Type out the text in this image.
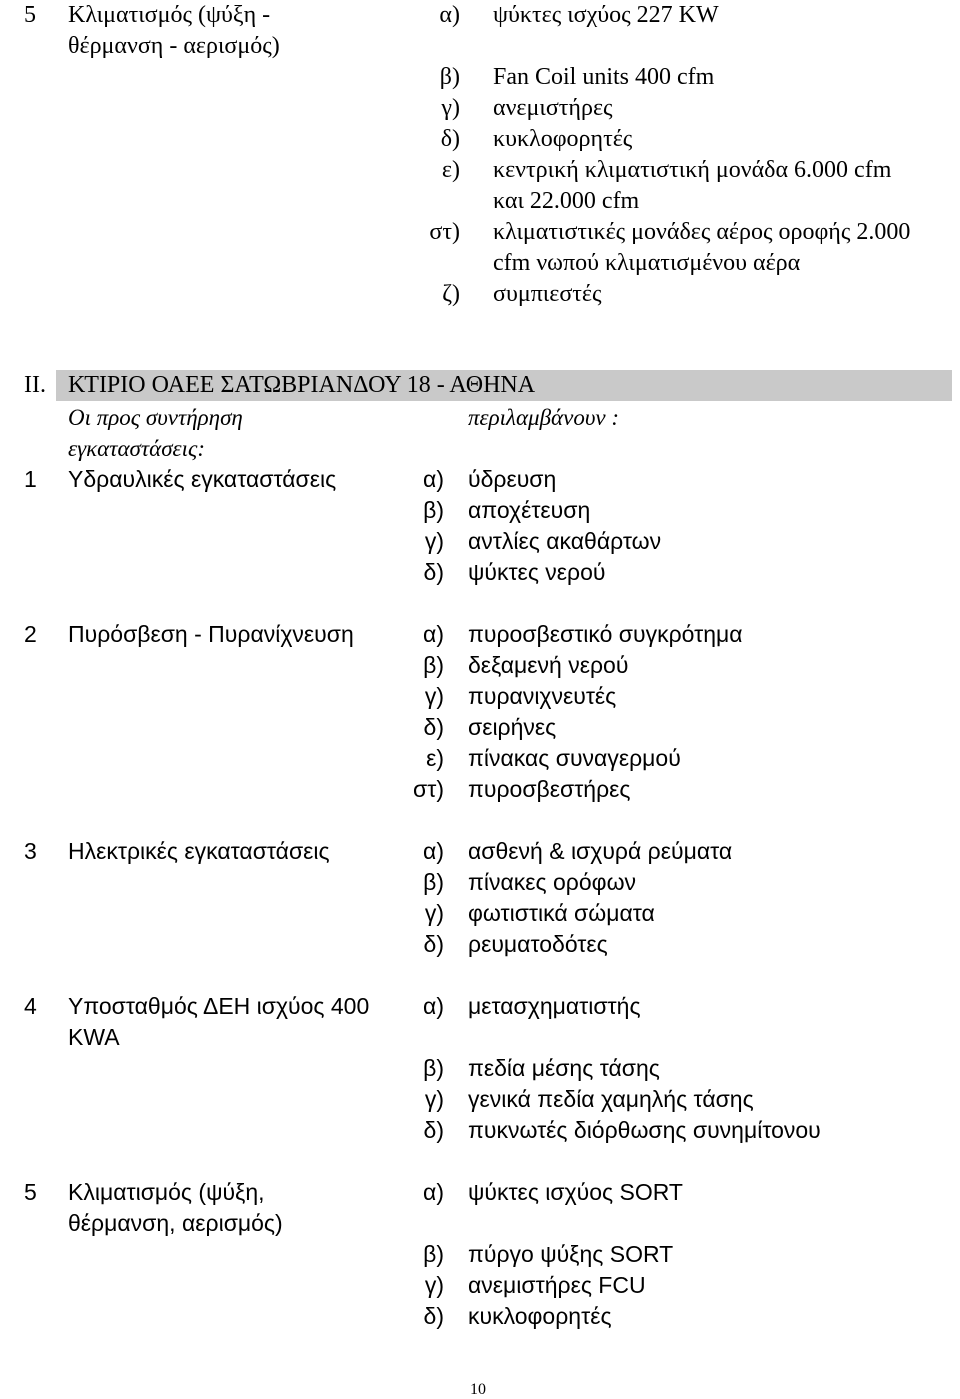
5 Κλιματισμός (ψύξη -	α) ψύκτες ισχύος 227 KW
θέρμανση - αερισμός)
β) Fan Coil units 400 cfm
γ) ανεμιστήρες
δ) κυκλοφορητές
ε) κεντρική κλιματιστική μονάδα 6.000 cfm
και 22.000 cfm
στ) κλιματιστικές μονάδες αέρος οροφής 2.000
cfm νωπού κλιματισμένου αέρα
ζ) συμπιεστές
ΙΙ. ΚΤΙΡΙΟ ΟΑΕΕ ΣΑΤΩΒΡΙΑΝΔΟΥ 18 - ΑΘΗΝΑ
Οι προς συντήρηση	περιλαμβάνουν :
εγκαταστάσεις:
1 Υδραυλικές εγκαταστάσεις	α) ύδρευση
β) αποχέτευση
γ) αντλίες ακαθάρτων
δ) ψύκτες νερού
2 Πυρόσβεση - Πυρανίχνευση	α) πυροσβεστικό συγκρότημα
β) δεξαμενή νερού
γ) πυρανιχνευτές
δ) σειρήνες
ε) πίνακας συναγερμού
στ) πυροσβεστήρες
3 Ηλεκτρικές εγκαταστάσεις	α) ασθενή & ισχυρά ρεύματα
β) πίνακες ορόφων
γ) φωτιστικά σώματα
δ) ρευματοδότες
4 Υποσταθμός ΔΕΗ ισχύος 400	α) μετασχηματιστής
KWA
β) πεδία μέσης τάσης
γ) γενικά πεδία χαμηλής τάσης
δ) πυκνωτές διόρθωσης συνημίτονου
5 Κλιματισμός (ψύξη,	α) ψύκτες ισχύος SORT
θέρμανση, αερισμός)
β) πύργο ψύξης SORT
γ) ανεμιστήρες FCU
δ) κυκλοφορητές
10
